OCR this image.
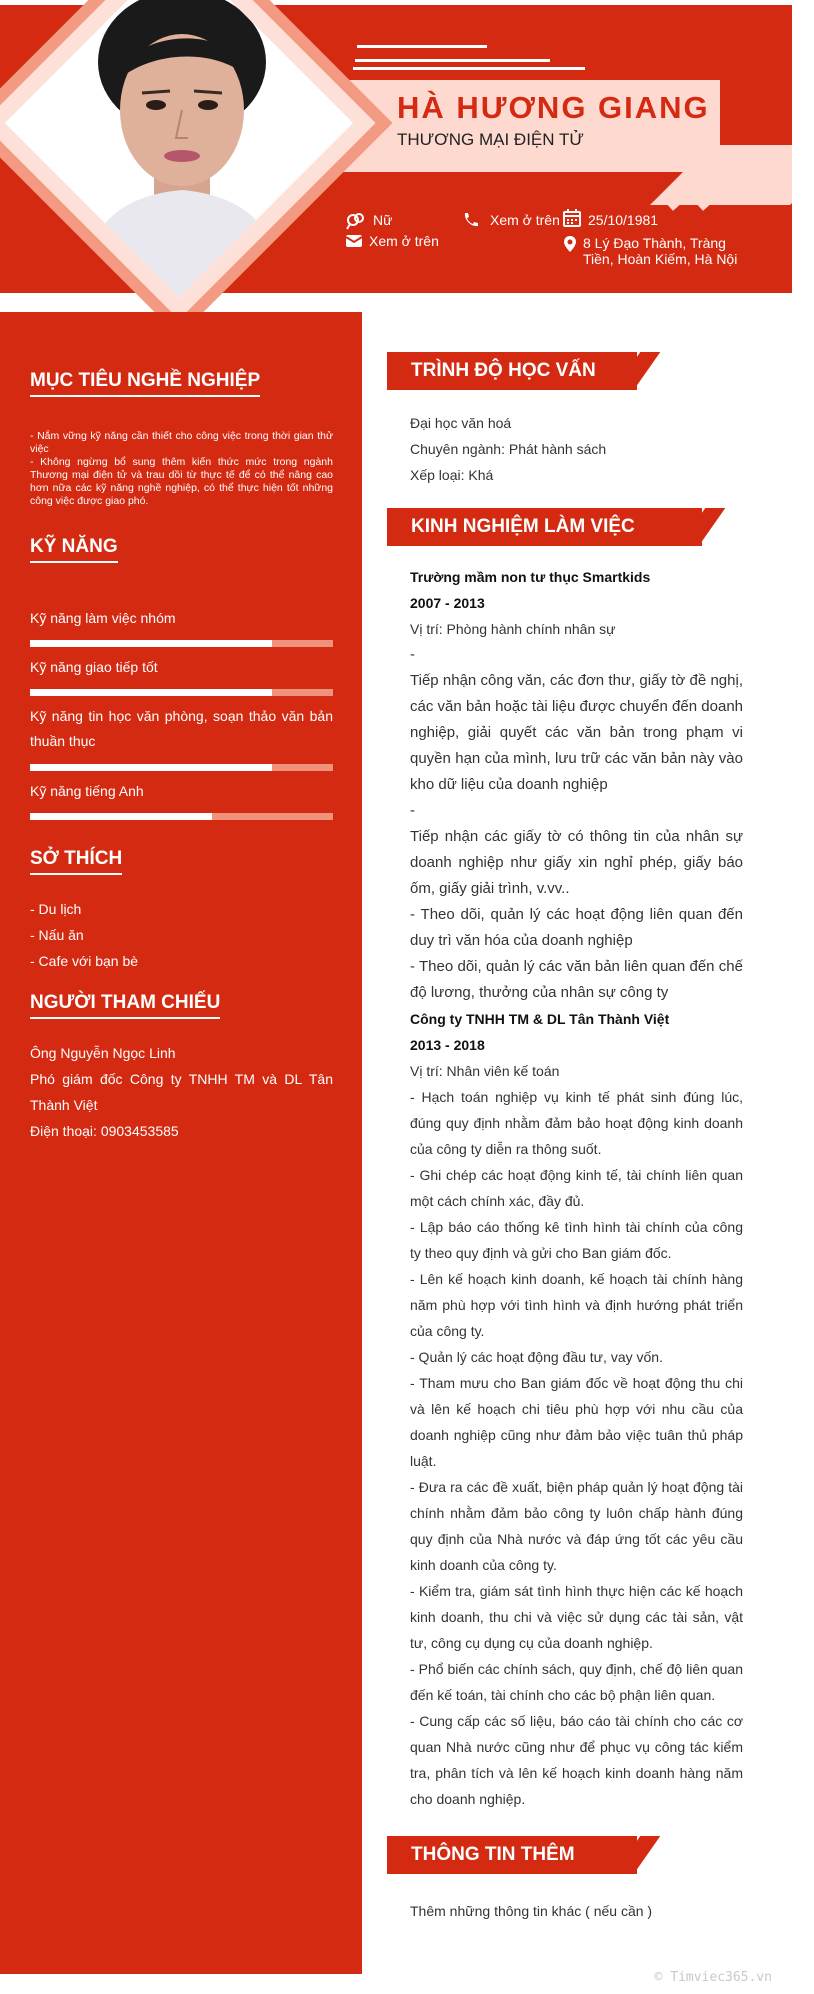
HÀ HƯƠNG GIANG
THƯƠNG MẠI ĐIỆN TỬ
Nữ
Xem ở trên
Xem ở trên 25/10/1981
8 Lý Đạo Thành, Tràng Tiền, Hoàn Kiếm, Hà Nội
MỤC TIÊU NGHỀ NGHIỆP
- Nắm vững kỹ năng cần thiết cho công việc trong thời gian thử việc
- Không ngừng bổ sung thêm kiến thức mức trong ngành Thương mại điện tử và trau dồi từ thực tế để có thể nâng cao hơn nữa các kỹ năng nghề nghiệp, có thể thực hiện tốt những công việc được giao phó.
KỸ NĂNG
Kỹ năng làm việc nhóm
Kỹ năng giao tiếp tốt
Kỹ năng tin học văn phòng, soạn thảo văn bản thuần thục
Kỹ năng tiếng Anh
SỞ THÍCH
- Du lịch
- Nấu ăn
- Cafe với bạn bè
NGƯỜI THAM CHIẾU
Ông Nguyễn Ngọc Linh
Phó giám đốc Công ty TNHH TM và DL Tân Thành Việt
Điện thoại: 0903453585
TRÌNH ĐỘ HỌC VẤN
Đại học văn hoá
Chuyên ngành: Phát hành sách
Xếp loại: Khá
KINH NGHIỆM LÀM VIỆC
Trường mầm non tư thục Smartkids
2007 - 2013
Vị trí: Phòng hành chính nhân sự
-
Tiếp nhận công văn, các đơn thư, giấy tờ đề nghị, các văn bản hoặc tài liệu được chuyển đến doanh nghiệp, giải quyết các văn bản trong phạm vi quyền hạn của mình, lưu trữ các văn bản này vào kho dữ liệu của doanh nghiệp
-
Tiếp nhận các giấy tờ có thông tin của nhân sự doanh nghiệp như giấy xin nghỉ phép, giấy báo ốm, giấy giải trình, v.vv..
- Theo dõi, quản lý các hoạt động liên quan đến duy trì văn hóa của doanh nghiệp
- Theo dõi, quản lý các văn bản liên quan đến chế độ lương, thưởng của nhân sự công ty
Công ty TNHH TM & DL Tân Thành Việt
2013 - 2018
Vị trí: Nhân viên kế toán
- Hạch toán nghiệp vụ kinh tế phát sinh đúng lúc, đúng quy định nhằm đảm bảo hoạt động kinh doanh của công ty diễn ra thông suốt.
- Ghi chép các hoạt động kinh tế, tài chính liên quan một cách chính xác, đầy đủ.
- Lập báo cáo thống kê tình hình tài chính của công ty theo quy định và gửi cho Ban giám đốc.
- Lên kế hoạch kinh doanh, kế hoạch tài chính hàng năm phù hợp với tình hình và định hướng phát triển của công ty.
- Quản lý các hoạt động đầu tư, vay vốn.
- Tham mưu cho Ban giám đốc về hoạt động thu chi và lên kế hoạch chi tiêu phù hợp với nhu cầu của doanh nghiệp cũng như đảm bảo việc tuân thủ pháp luật.
- Đưa ra các đề xuất, biện pháp quản lý hoạt động tài chính nhằm đảm bảo công ty luôn chấp hành đúng quy định của Nhà nước và đáp ứng tốt các yêu cầu kinh doanh của công ty.
- Kiểm tra, giám sát tình hình thực hiện các kế hoạch kinh doanh, thu chi và việc sử dụng các tài sản, vật tư, công cụ dụng cụ của doanh nghiệp.
- Phổ biến các chính sách, quy định, chế độ liên quan đến kế toán, tài chính cho các bộ phận liên quan.
- Cung cấp các số liệu, báo cáo tài chính cho các cơ quan Nhà nước cũng như để phục vụ công tác kiểm tra, phân tích và lên kế hoạch kinh doanh hàng năm cho doanh nghiệp.
THÔNG TIN THÊM
Thêm những thông tin khác ( nếu cần )
© Timviec365.vn
